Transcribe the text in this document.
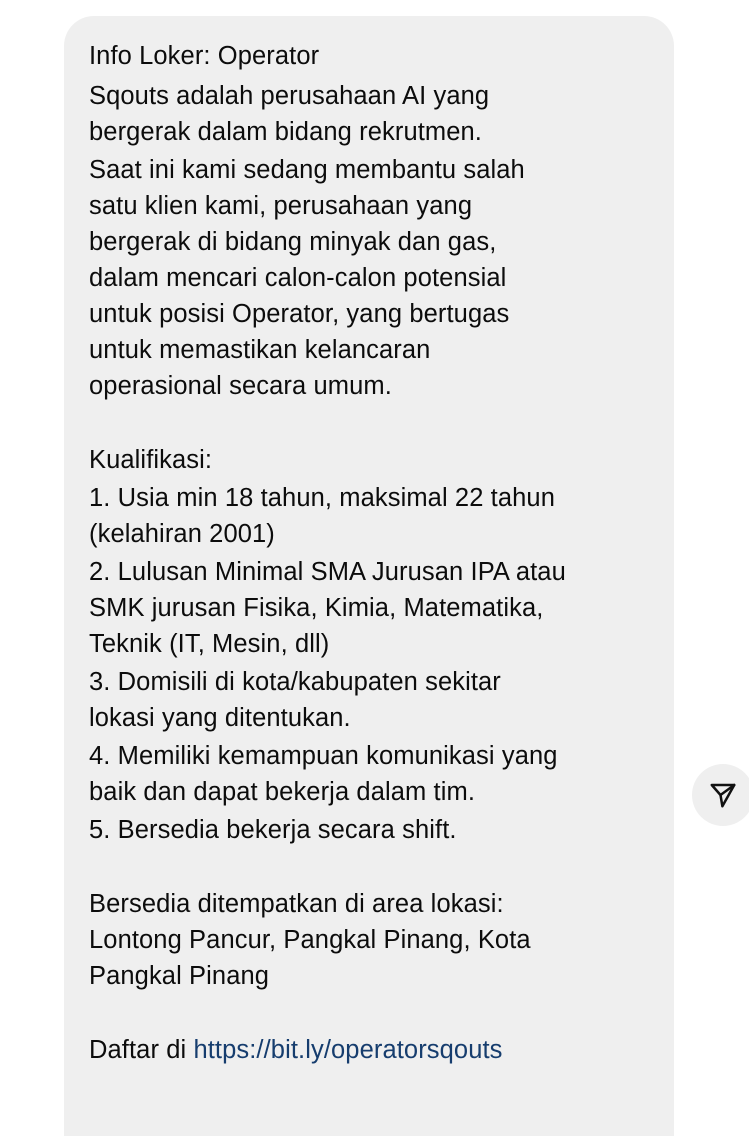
Info Loker: Operator

Sqouts adalah perusahaan AI yang
bergerak dalam bidang rekrutmen.

Saat ini kami sedang membantu salah
satu klien kami, perusahaan yang
bergerak di bidang minyak dan gas,
dalam mencari calon-calon potensial
untuk posisi Operator, yang bertugas
untuk memastikan kelancaran
operasional secara umum.

Kualifikasi:

1. Usia min 18 tahun, maksimal 22 tahun
(kelahiran 2001)

2. Lulusan Minimal SMA Jurusan IPA atau
SMK jurusan Fisika, Kimia, Matematika,
Teknik (IT, Mesin, dll)

3. Domisili di kota/kabupaten sekitar
lokasi yang ditentukan.

4. Memiliki kemampuan komunikasi yang
baik dan dapat bekerja dalam tim.

5. Bersedia bekerja secara shift.

Bersedia ditempatkan di area lokasi:
Lontong Pancur, Pangkal Pinang, Kota
Pangkal Pinang

Daftar di https://bit.ly/operatorsqouts
